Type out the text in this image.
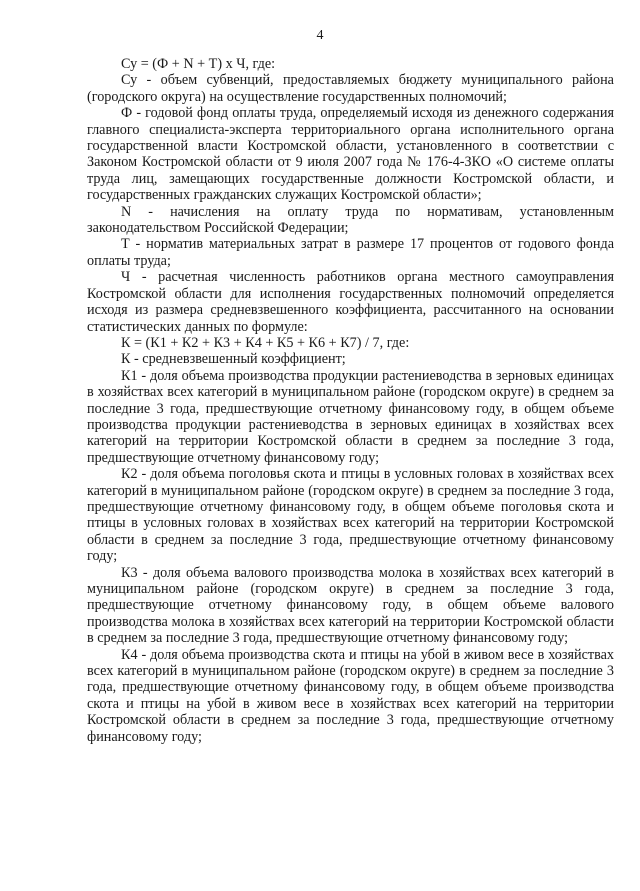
4

Су = (Ф + N + Т) х Ч, где:

Су - объем субвенций, предоставляемых бюджету муниципального района (городского округа) на осуществление государственных полномочий;

Ф - годовой фонд оплаты труда, определяемый исходя из денежного содержания главного специалиста-эксперта территориального органа исполнительного органа государственной власти Костромской области, установленного в соответствии с Законом Костромской области от 9 июля 2007 года № 176-4-ЗКО «О системе оплаты труда лиц, замещающих государственные должности Костромской области, и государственных гражданских служащих Костромской области»;

N - начисления на оплату труда по нормативам, установленным законодательством Российской Федерации;

Т - норматив материальных затрат в размере 17 процентов от годового фонда оплаты труда;

Ч - расчетная численность работников органа местного самоуправления Костромской области для исполнения государственных полномочий определяется исходя из размера средневзвешенного коэффициента, рассчитанного на основании статистических данных по формуле:

К = (К1 + К2 + К3 + К4 + К5 + К6 + К7) / 7, где:

К - средневзвешенный коэффициент;

К1 - доля объема производства продукции растениеводства в зерновых единицах в хозяйствах всех категорий в муниципальном районе (городском округе) в среднем за последние 3 года, предшествующие отчетному финансовому году, в общем объеме производства продукции растениеводства в зерновых единицах в хозяйствах всех категорий на территории Костромской области в среднем за последние 3 года, предшествующие отчетному финансовому году;

К2 - доля объема поголовья скота и птицы в условных головах в хозяйствах всех категорий в муниципальном районе (городском округе) в среднем за последние 3 года, предшествующие отчетному финансовому году, в общем объеме поголовья скота и птицы в условных головах в хозяйствах всех категорий на территории Костромской области в среднем за последние 3 года, предшествующие отчетному финансовому году;

К3 - доля объема валового производства молока в хозяйствах всех категорий в муниципальном районе (городском округе) в среднем за последние 3 года, предшествующие отчетному финансовому году, в общем объеме валового производства молока в хозяйствах всех категорий на территории Костромской области в среднем за последние 3 года, предшествующие отчетному финансовому году;

К4 - доля объема производства скота и птицы на убой в живом весе в хозяйствах всех категорий в муниципальном районе (городском округе) в среднем за последние 3 года, предшествующие отчетному финансовому году, в общем объеме производства скота и птицы на убой в живом весе в хозяйствах всех категорий на территории Костромской области в среднем за последние 3 года, предшествующие отчетному финансовому году;
